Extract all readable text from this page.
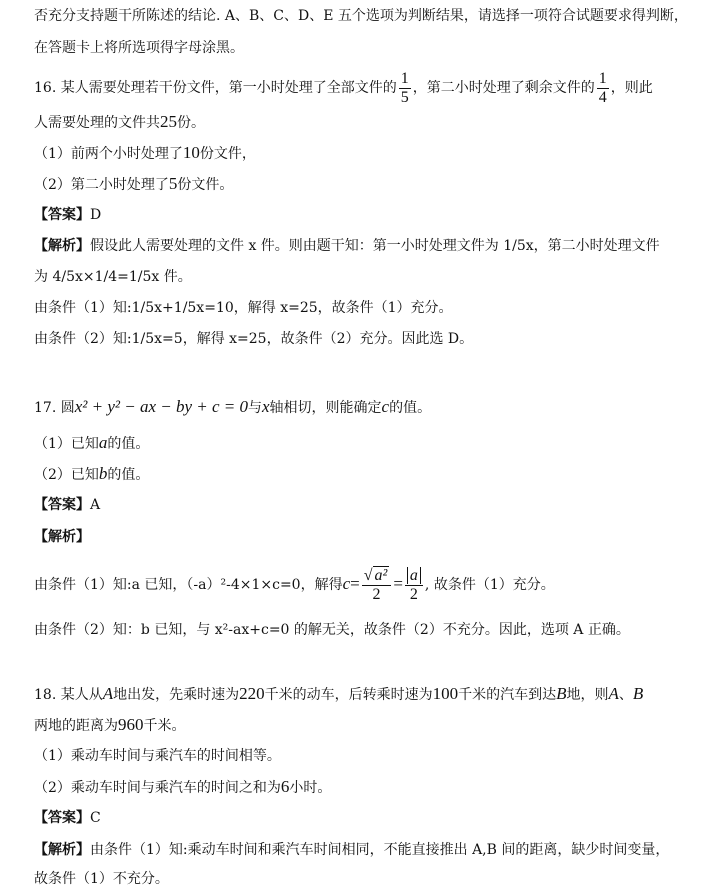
否充分支持题干所陈述的结论. A、B、C、D、E 五个选项为判断结果，请选择一项符合试题要求得判断，
在答题卡上将所选项得字母涂黑。
16. 某人需要处理若干份文件，第一小时处理了全部文件的 $\frac{1}{5}$ ，第二小时处理了剩余文件的 $\frac{1}{4}$ ，则此
人需要处理的文件共25份。
（1）前两个小时处理了10份文件，
（2）第二小时处理了5份文件。
【答案】D
【解析】假设此人需要处理的文件 x 件。则由题干知：第一小时处理文件为 1/5x，第二小时处理文件
为 4/5x×1/4=1/5x 件。
由条件（1）知:1/5x+1/5x=10，解得 x=25，故条件（1）充分。
由条件（2）知:1/5x=5，解得 x=25，故条件（2）充分。因此选 D。
17. 圆x² + y² − ax − by + c = 0与x轴相切，则能确定c的值。
（1）已知a的值。
（2）已知b的值。
【答案】A
【解析】
由条件（1）知:a 已知，（-a）²-4×1×c=0，解得$c= \frac{\text{√ a²}}{2} = \frac{a}{2}$ , 故条件（1）充分。
由条件（2）知：b 已知，与 x²-ax+c=0 的解无关，故条件（2）不充分。因此，选项 A 正确。
18. 某人从A地出发，先乘时速为220千米的动车，后转乘时速为100千米的汽车到达B地，则A、B
两地的距离为960千米。
（1）乘动车时间与乘汽车的时间相等。
（2）乘动车时间与乘汽车的时间之和为6小时。
【答案】C
【解析】由条件（1）知:乘动车时间和乘汽车时间相同，不能直接推出 A,B 间的距离，缺少时间变量，
故条件（1）不充分。
